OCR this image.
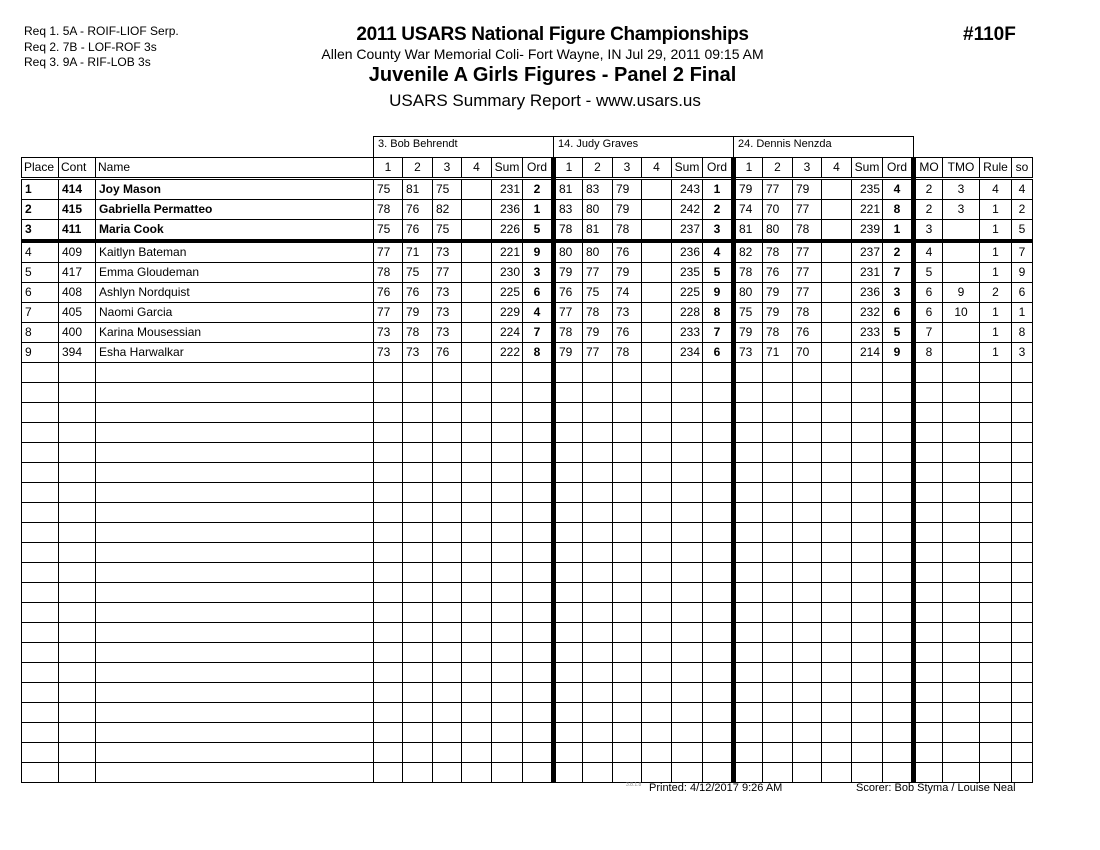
Req 1. 5A - ROIF-LIOF Serp.
Req 2. 7B - LOF-ROF 3s
Req 3. 9A - RIF-LOB 3s
2011 USARS National Figure Championships
Allen County War Memorial Coli- Fort Wayne, IN Jul 29, 2011 09:15 AM
Juvenile A Girls Figures - Panel 2 Final
USARS Summary Report - www.usars.us
#110F
			3. Bob Behrendt						14. Judy Graves						24. Dennis Nenzda									
Place	Cont	Name	1	2	3	4	Sum	Ord	1	2	3	4	Sum	Ord	1	2	3	4	Sum	Ord	MO	TMO	Rule	so
1	414	Joy Mason	75	81	75		231	2	81	83	79		243	1	79	77	79		235	4	2	3	4	4
2	415	Gabriella Permatteo	78	76	82		236	1	83	80	79		242	2	74	70	77		221	8	2	3	1	2
3	411	Maria Cook	75	76	75		226	5	78	81	78		237	3	81	80	78		239	1	3		1	5
4	409	Kaitlyn Bateman	77	71	73		221	9	80	80	76		236	4	82	78	77		237	2	4		1	7
5	417	Emma Gloudeman	78	75	77		230	3	79	77	79		235	5	78	76	77		231	7	5		1	9
6	408	Ashlyn Nordquist	76	76	73		225	6	76	75	74		225	9	80	79	77		236	3	6	9	2	6
7	405	Naomi Garcia	77	79	73		229	4	77	78	73		228	8	75	79	78		232	6	6	10	1	1
8	400	Karina Mousessian	73	78	73		224	7	78	79	76		233	7	79	78	76		233	5	7		1	8
9	394	Esha Harwalkar	73	73	76		222	8	79	77	78		234	6	73	71	70		214	9	8		1	3

3.8.1.8 Printed: 4/12/2017 9:26 AM	Scorer: Bob Styma / Louise Neal
